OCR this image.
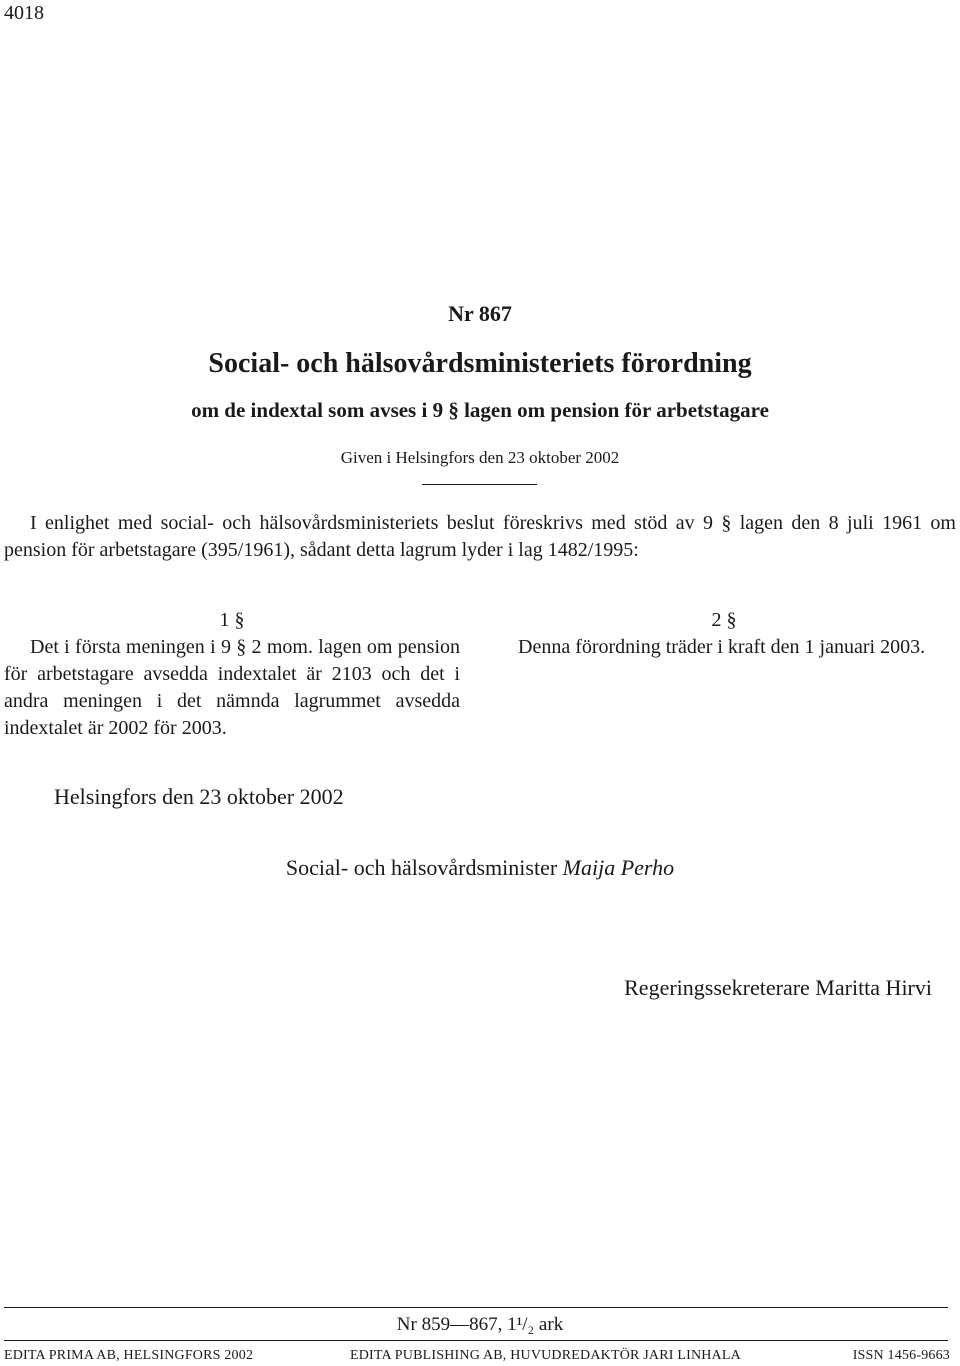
4018
Nr 867
Social- och hälsovårdsministeriets förordning
om de indextal som avses i 9 § lagen om pension för arbetstagare
Given i Helsingfors den 23 oktober 2002

I enlighet med social- och hälsovårdsministeriets beslut föreskrivs med stöd av 9 § lagen den 8 juli 1961 om pension för arbetstagare (395/1961), sådant detta lagrum lyder i lag 1482/1995:

1 §

Det i första meningen i 9 § 2 mom. lagen om pension för arbetstagare avsedda indextalet är 2103 och det i andra meningen i det nämnda lagrummet avsedda indextalet är 2002 för 2003.

2 §

Denna förordning träder i kraft den 1 januari 2003.

Helsingfors den 23 oktober 2002
Social- och hälsovårdsminister Maija Perho
Regeringssekreterare Maritta Hirvi
Nr 859—867, 1¹/₂ ark
EDITA PRIMA AB, HELSINGFORS 2002	EDITA PUBLISHING AB, HUVUDREDAKTÖR JARI LINHALA	ISSN 1456-9663
